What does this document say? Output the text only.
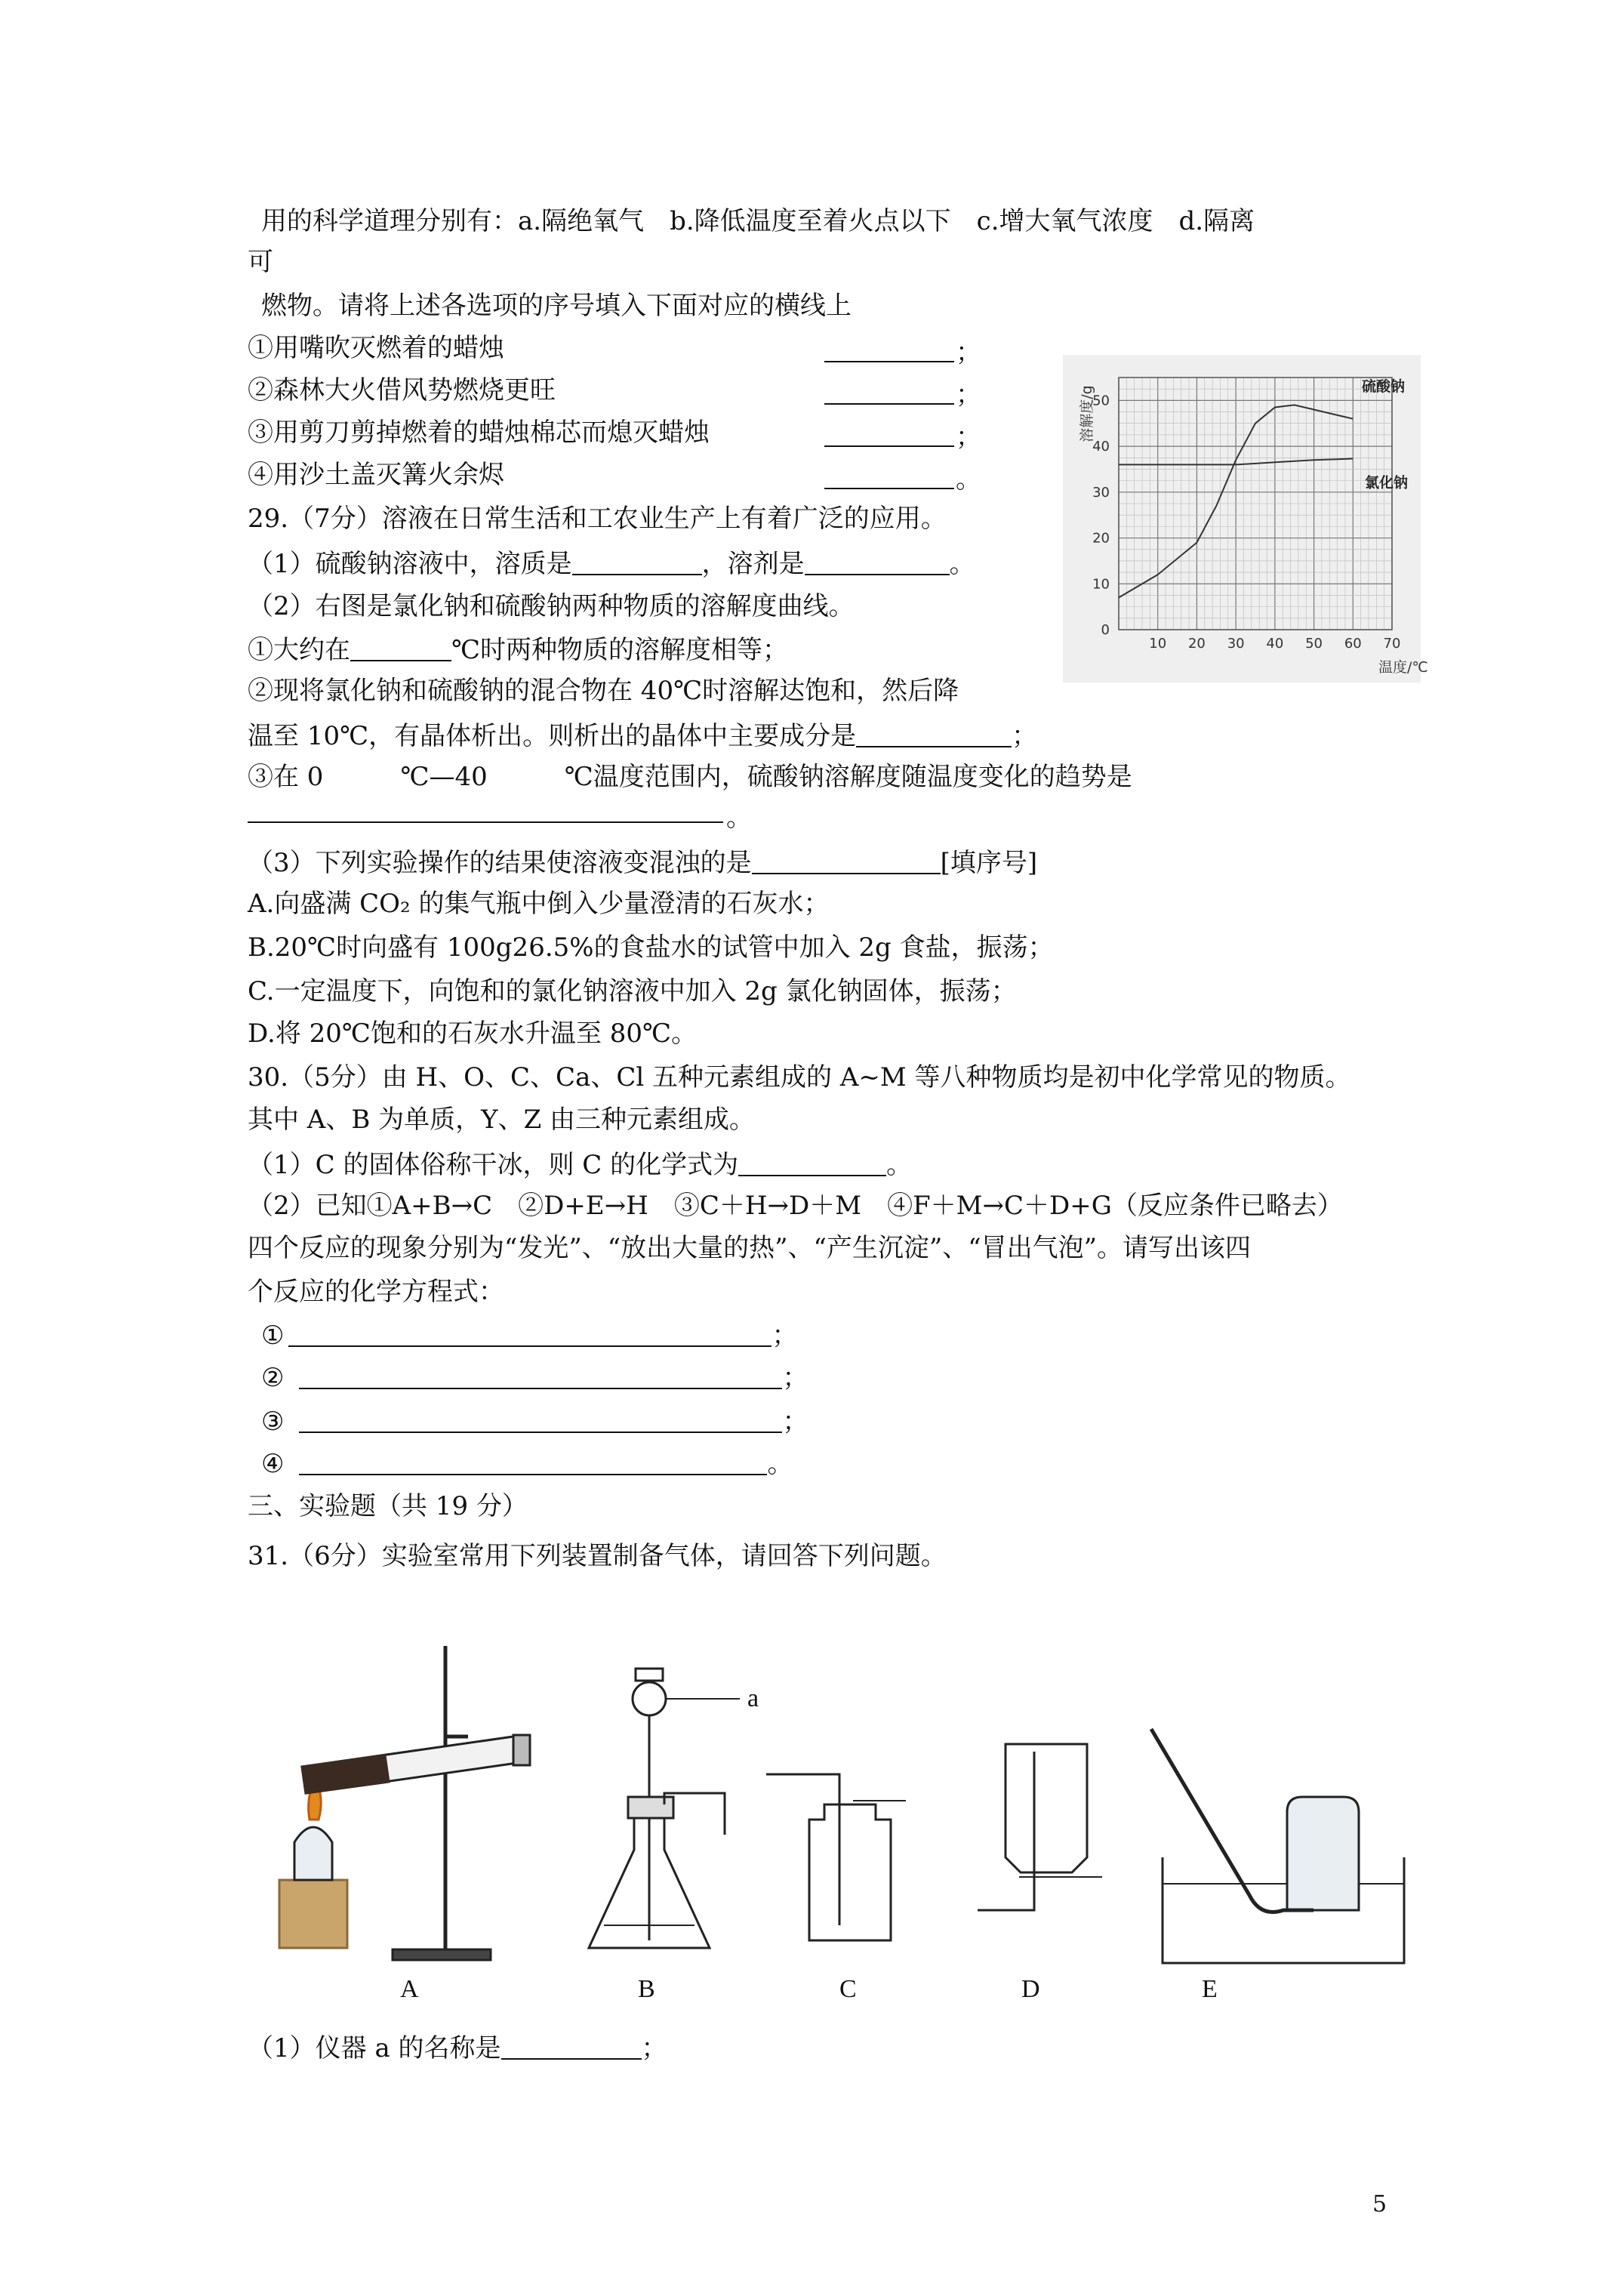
用的科学道理分别有：a.隔绝氧气　b.降低温度至着火点以下　c.增大氧气浓度　d.隔离
可
燃物。请将上述各选项的序号填入下面对应的横线上
①用嘴吹灭燃着的蜡烛	；
②森林大火借风势燃烧更旺	；
③用剪刀剪掉燃着的蜡烛棉芯而熄灭蜡烛	；
④用沙土盖灭篝火余烬	。
29.（7分）溶液在日常生活和工农业生产上有着广泛的应用。
（1）硫酸钠溶液中，溶质是	，溶剂是	。
（2）右图是氯化钠和硫酸钠两种物质的溶解度曲线。
①大约在	℃时两种物质的溶解度相等；
②现将氯化钠和硫酸钠的混合物在 40℃时溶解达饱和，然后降
温至 10℃，有晶体析出。则析出的晶体中主要成分是	；
③在 0　　　℃—40　　　℃温度范围内，硫酸钠溶解度随温度变化的趋势是
。
（3）下列实验操作的结果使溶液变混浊的是	[填序号]
A.向盛满 CO₂ 的集气瓶中倒入少量澄清的石灰水；
B.20℃时向盛有 100g26.5%的食盐水的试管中加入 2g 食盐，振荡；
C.一定温度下，向饱和的氯化钠溶液中加入 2g 氯化钠固体，振荡；
D.将 20℃饱和的石灰水升温至 80℃。
30.（5分）由 H、O、C、Ca、Cl 五种元素组成的 A~M 等八种物质均是初中化学常见的物质。
其中 A、B 为单质，Y、Z 由三种元素组成。
（1）C 的固体俗称干冰，则 C 的化学式为	。
（2）已知①A+B→C　②D+E→H　③C＋H→D＋M　④F＋M→C＋D+G（反应条件已略去）
四个反应的现象分别为“发光”、“放出大量的热”、“产生沉淀”、“冒出气泡”。请写出该四
个反应的化学方程式：
①	；
②	；
③	；
④	。
三、实验题（共 19 分）
31.（6分）实验室常用下列装置制备气体，请回答下列问题。
（1）仪器 a 的名称是	；
5
硫酸钠
氯化钠
10 20 30 40 50 60 70
0
10
20
30
40
50
溶解度/g
温度/℃
A
a
B	C	D	E
